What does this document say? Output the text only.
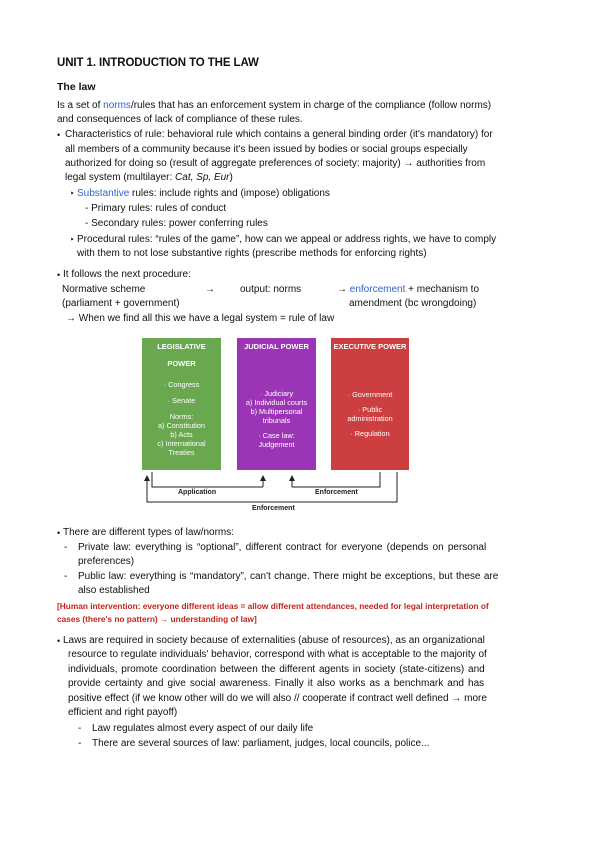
UNIT 1. INTRODUCTION TO THE LAW
The law
Is a set of norms/rules that has an enforcement system in charge of the compliance (follow norms)
and consequences of lack of compliance of these rules.
• Characteristics of rule: behavioral rule which contains a general binding order (it's mandatory) for
all members of a community because it's been issued by bodies or social groups especially
authorized for doing so (result of aggregate preferences of society: majority) → authorities from
legal system (multilayer: Cat, Sp, Eur)
‣ Substantive rules: include rights and (impose) obligations
- Primary rules: rules of conduct
- Secondary rules: power conferring rules
‣ Procedural rules: “rules of the game”, how can we appeal or address rights, we have to comply
with them to not lose substantive rights (prescribe methods for enforcing rights)
• It follows the next procedure:
Normative scheme	→	output: norms	→ enforcement + mechanism to
(parliament + government)	amendment (bc wrongdoing)
→ When we find all this we have a legal system = rule of law
LEGISLATIVE POWER
· Congress
· Senate
Norms:
a) Constitution
b) Acts
c) International
Treaties
JUDICIAL POWER
· Judiciary
a) Individual courts
b) Multipersonal
tribunals
· Case law:
Judgement
EXECUTIVE POWER
· Government
· Public
administration
· Regulation
Application	Enforcement
Enforcement
• There are different types of law/norms:
- Private law: everything is “optional”, different contract for everyone (depends on personal
preferences)
- Public law: everything is “mandatory”, can't change. There might be exceptions, but these are
also established
[Human intervention: everyone different ideas = allow different attendances, needed for legal interpretation of
cases (there's no pattern) → understanding of law]
• Laws are required in society because of externalities (abuse of resources), as an organizational
resource to regulate individuals' behavior, correspond with what is acceptable to the majority of
individuals, promote coordination between the different agents in society (state-citizens) and
provide certainty and give social awareness. Finally it also works as a benchmark and has
positive effect (if we know other will do we will also // cooperate if contract well defined → more
efficient and right payoff)
- Law regulates almost every aspect of our daily life
- There are several sources of law: parliament, judges, local councils, police...
